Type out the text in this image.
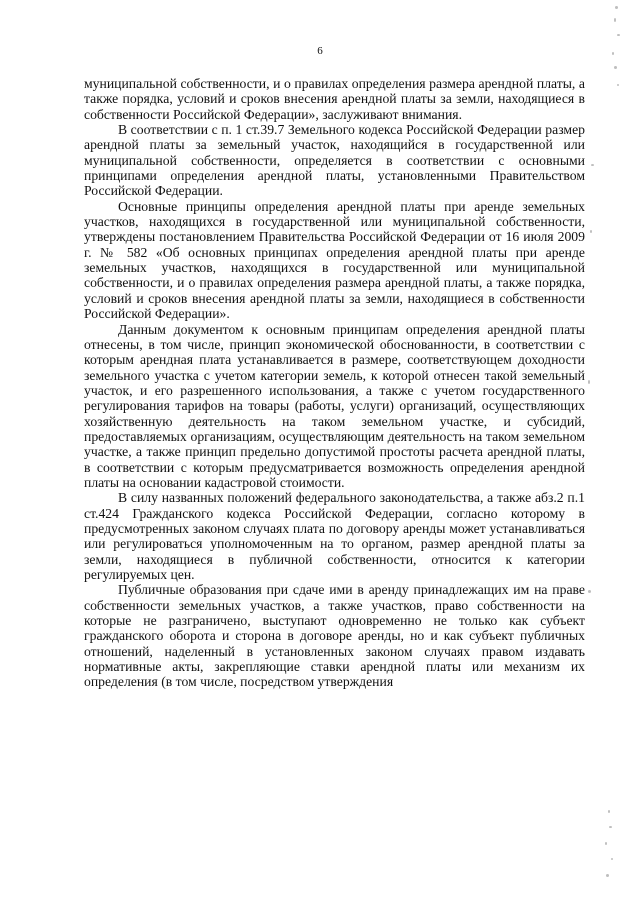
6

муниципальной собственности, и о правилах определения размера арендной платы, а также порядка, условий и сроков внесения арендной платы за земли, находящиеся в собственности Российской Федерации», заслуживают внимания.

В соответствии с п. 1 ст.39.7 Земельного кодекса Российской Федерации размер арендной платы за земельный участок, находящийся в государственной или муниципальной собственности, определяется в соответствии с основными принципами определения арендной платы, установленными Правительством Российской Федерации.

Основные принципы определения арендной платы при аренде земельных участков, находящихся в государственной или муниципальной собственности, утверждены постановлением Правительства Российской Федерации от 16 июля 2009 г. № 582 «Об основных принципах определения арендной платы при аренде земельных участков, находящихся в государственной или муниципальной собственности, и о правилах определения размера арендной платы, а также порядка, условий и сроков внесения арендной платы за земли, находящиеся в собственности Российской Федерации».

Данным документом к основным принципам определения арендной платы отнесены, в том числе, принцип экономической обоснованности, в соответствии с которым арендная плата устанавливается в размере, соответствующем доходности земельного участка с учетом категории земель, к которой отнесен такой земельный участок, и его разрешенного использования, а также с учетом государственного регулирования тарифов на товары (работы, услуги) организаций, осуществляющих хозяйственную деятельность на таком земельном участке, и субсидий, предоставляемых организациям, осуществляющим деятельность на таком земельном участке, а также принцип предельно допустимой простоты расчета арендной платы, в соответствии с которым предусматривается возможность определения арендной платы на основании кадастровой стоимости.

В силу названных положений федерального законодательства, а также абз.2 п.1 ст.424 Гражданского кодекса Российской Федерации, согласно которому в предусмотренных законом случаях плата по договору аренды может устанавливаться или регулироваться уполномоченным на то органом, размер арендной платы за земли, находящиеся в публичной собственности, относится к категории регулируемых цен.

Публичные образования при сдаче ими в аренду принадлежащих им на праве собственности земельных участков, а также участков, право собственности на которые не разграничено, выступают одновременно не только как субъект гражданского оборота и сторона в договоре аренды, но и как субъект публичных отношений, наделенный в установленных законом случаях правом издавать нормативные акты, закрепляющие ставки арендной платы или механизм их определения (в том числе, посредством утверждения
